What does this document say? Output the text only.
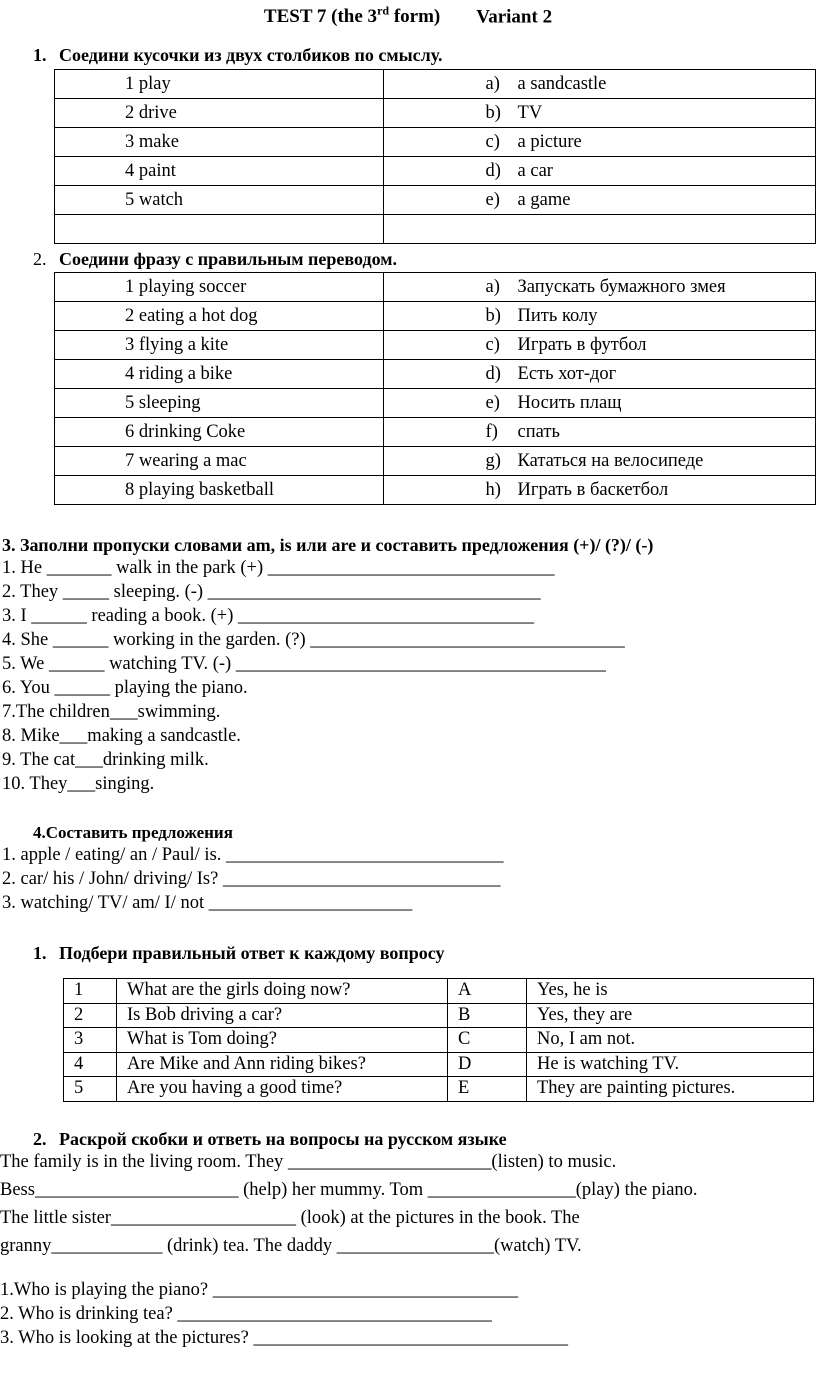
TEST 7 (the 3rd form) Variant 2
1. Соедини кусочки из двух столбиков по смыслу.
1 play	a) a sandcastle
2 drive	b) TV
3 make	c) a picture
4 paint	d) a car
5 watch	e) a game

2. Соедини фразу с правильным переводом.
1 playing soccer	a) Запускать бумажного змея
2 eating a hot dog	b) Пить колу
3 flying a kite	c) Играть в футбол
4 riding a bike	d) Есть хот-дог
5 sleeping	e) Носить плащ
6 drinking Coke	f) спать
7 wearing a mac	g) Кататься на велосипеде
8 playing basketball	h) Играть в баскетбол
3. Заполни пропуски словами am, is или are и составить предложения (+)/ (?)/ (-)
1. He _______ walk in the park (+) _______________________________
2. They _____ sleeping. (-) ____________________________________
3. I ______ reading a book. (+) ________________________________
4. She ______ working in the garden. (?) __________________________________
5. We ______ watching TV. (-) ________________________________________
6. You ______ playing the piano.
7.The children___swimming.
8. Mike___making a sandcastle.
9. The cat___drinking milk.
10. They___singing.
4.Составить предложения
1. apple / eating/ an / Paul/ is. ______________________________
2. car/ his / John/ driving/ Is? ______________________________
3. watching/ TV/ am/ I/ not ______________________
1. Подбери правильный ответ к каждому вопросу
1	What are the girls doing now?	A	Yes, he is
2	Is Bob driving a car?	B	Yes, they are
3	What is Tom doing?	C	No, I am not.
4	Are Mike and Ann riding bikes?	D	He is watching TV.
5	Are you having a good time?	E	They are painting pictures.
2. Раскрой скобки и ответь на вопросы на русском языке
The family is in the living room. They ______________________(listen) to music.
Bess______________________ (help) her mummy. Tom ________________(play) the piano.
The little sister____________________ (look) at the pictures in the book. The
granny____________ (drink) tea. The daddy _________________(watch) TV.
1.Who is playing the piano? _________________________________
2. Who is drinking tea? __________________________________
3. Who is looking at the pictures? __________________________________
